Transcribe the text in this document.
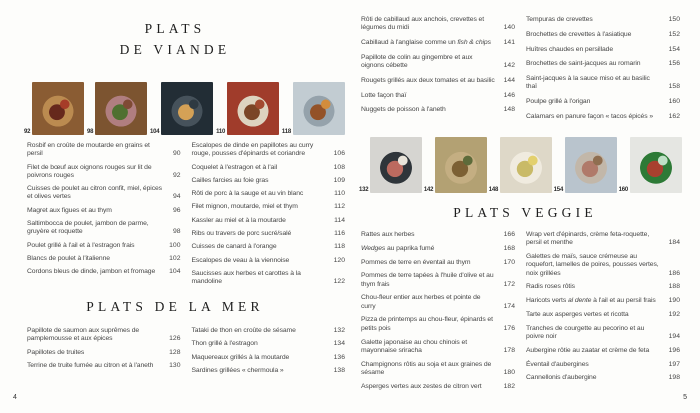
PLATS
DE VIANDE
92	98	104	110	118
Rosbif en croûte de moutarde en grains et persil	90
Filet de bœuf aux oignons rouges sur lit de poivrons rouges	92
Cuisses de poulet au citron confit, miel, épices et olives vertes	94
Magret aux figues et au thym	96
Saltimbocca de poulet, jambon de parme, gruyère et roquette	98
Poulet grillé à l'ail et à l'estragon frais	100
Blancs de poulet à l'italienne	102
Cordons bleus de dinde, jambon et fromage	104
Escalopes de dinde en papillotes au curry rouge, pousses d'épinards et coriandre	106
Coquelet à l'estragon et à l'ail	108
Cailles farcies au foie gras	109
Rôti de porc à la sauge et au vin blanc	110
Filet mignon, moutarde, miel et thym	112
Kassler au miel et à la moutarde	114
Ribs ou travers de porc sucré/salé	116
Cuisses de canard à l'orange	118
Escalopes de veau à la viennoise	120
Saucisses aux herbes et carottes à la mandoline	122
PLATS DE LA MER
Papillote de saumon aux suprêmes de pamplemousse et aux épices	126
Papillotes de truites	128
Terrine de truite fumée au citron et à l'aneth	130
Tataki de thon en croûte de sésame	132
Thon grillé à l'estragon	134
Maquereaux grillés à la moutarde	136
Sardines grillées « chermoula »	138
4
Rôti de cabillaud aux anchois, crevettes et légumes du midi	140
Cabillaud à l'anglaise comme un fish & chips	141
Papillote de colin au gingembre et aux oignons cébette	142
Rougets grillés aux deux tomates et au basilic	144
Lotte façon thaï	146
Nuggets de poisson à l'aneth	148
Tempuras de crevettes	150
Brochettes de crevettes à l'asiatique	152
Huîtres chaudes en persillade	154
Brochettes de saint-jacques au romarin	156
Saint-jacques à la sauce miso et au basilic thaï	158
Poulpe grillé à l'origan	160
Calamars en panure façon « tacos épicés »	162
132	142	148	154	160
PLATS VEGGIE
Rattes aux herbes	166
Wedges au paprika fumé	168
Pommes de terre en éventail au thym	170
Pommes de terre tapées à l'huile d'olive et au thym frais	172
Chou-fleur entier aux herbes et pointe de curry	174
Pizza de printemps au chou-fleur, épinards et petits pois	176
Galette japonaise au chou chinois et mayonnaise sriracha	178
Champignons rôtis au soja et aux graines de sésame	180
Asperges vertes aux zestes de citron vert	182
Wrap vert d'épinards, crème feta-roquette, persil et menthe	184
Galettes de maïs, sauce crémeuse au roquefort, lamelles de poires, pousses vertes, noix grillées	186
Radis roses rôtis	188
Haricots verts al dente à l'ail et au persil frais	190
Tarte aux asperges vertes et ricotta	192
Tranches de courgette au pecorino et au poivre noir	194
Aubergine rôtie au zaatar et crème de feta	196
Éventail d'aubergines	197
Cannellonis d'aubergine	198
5
